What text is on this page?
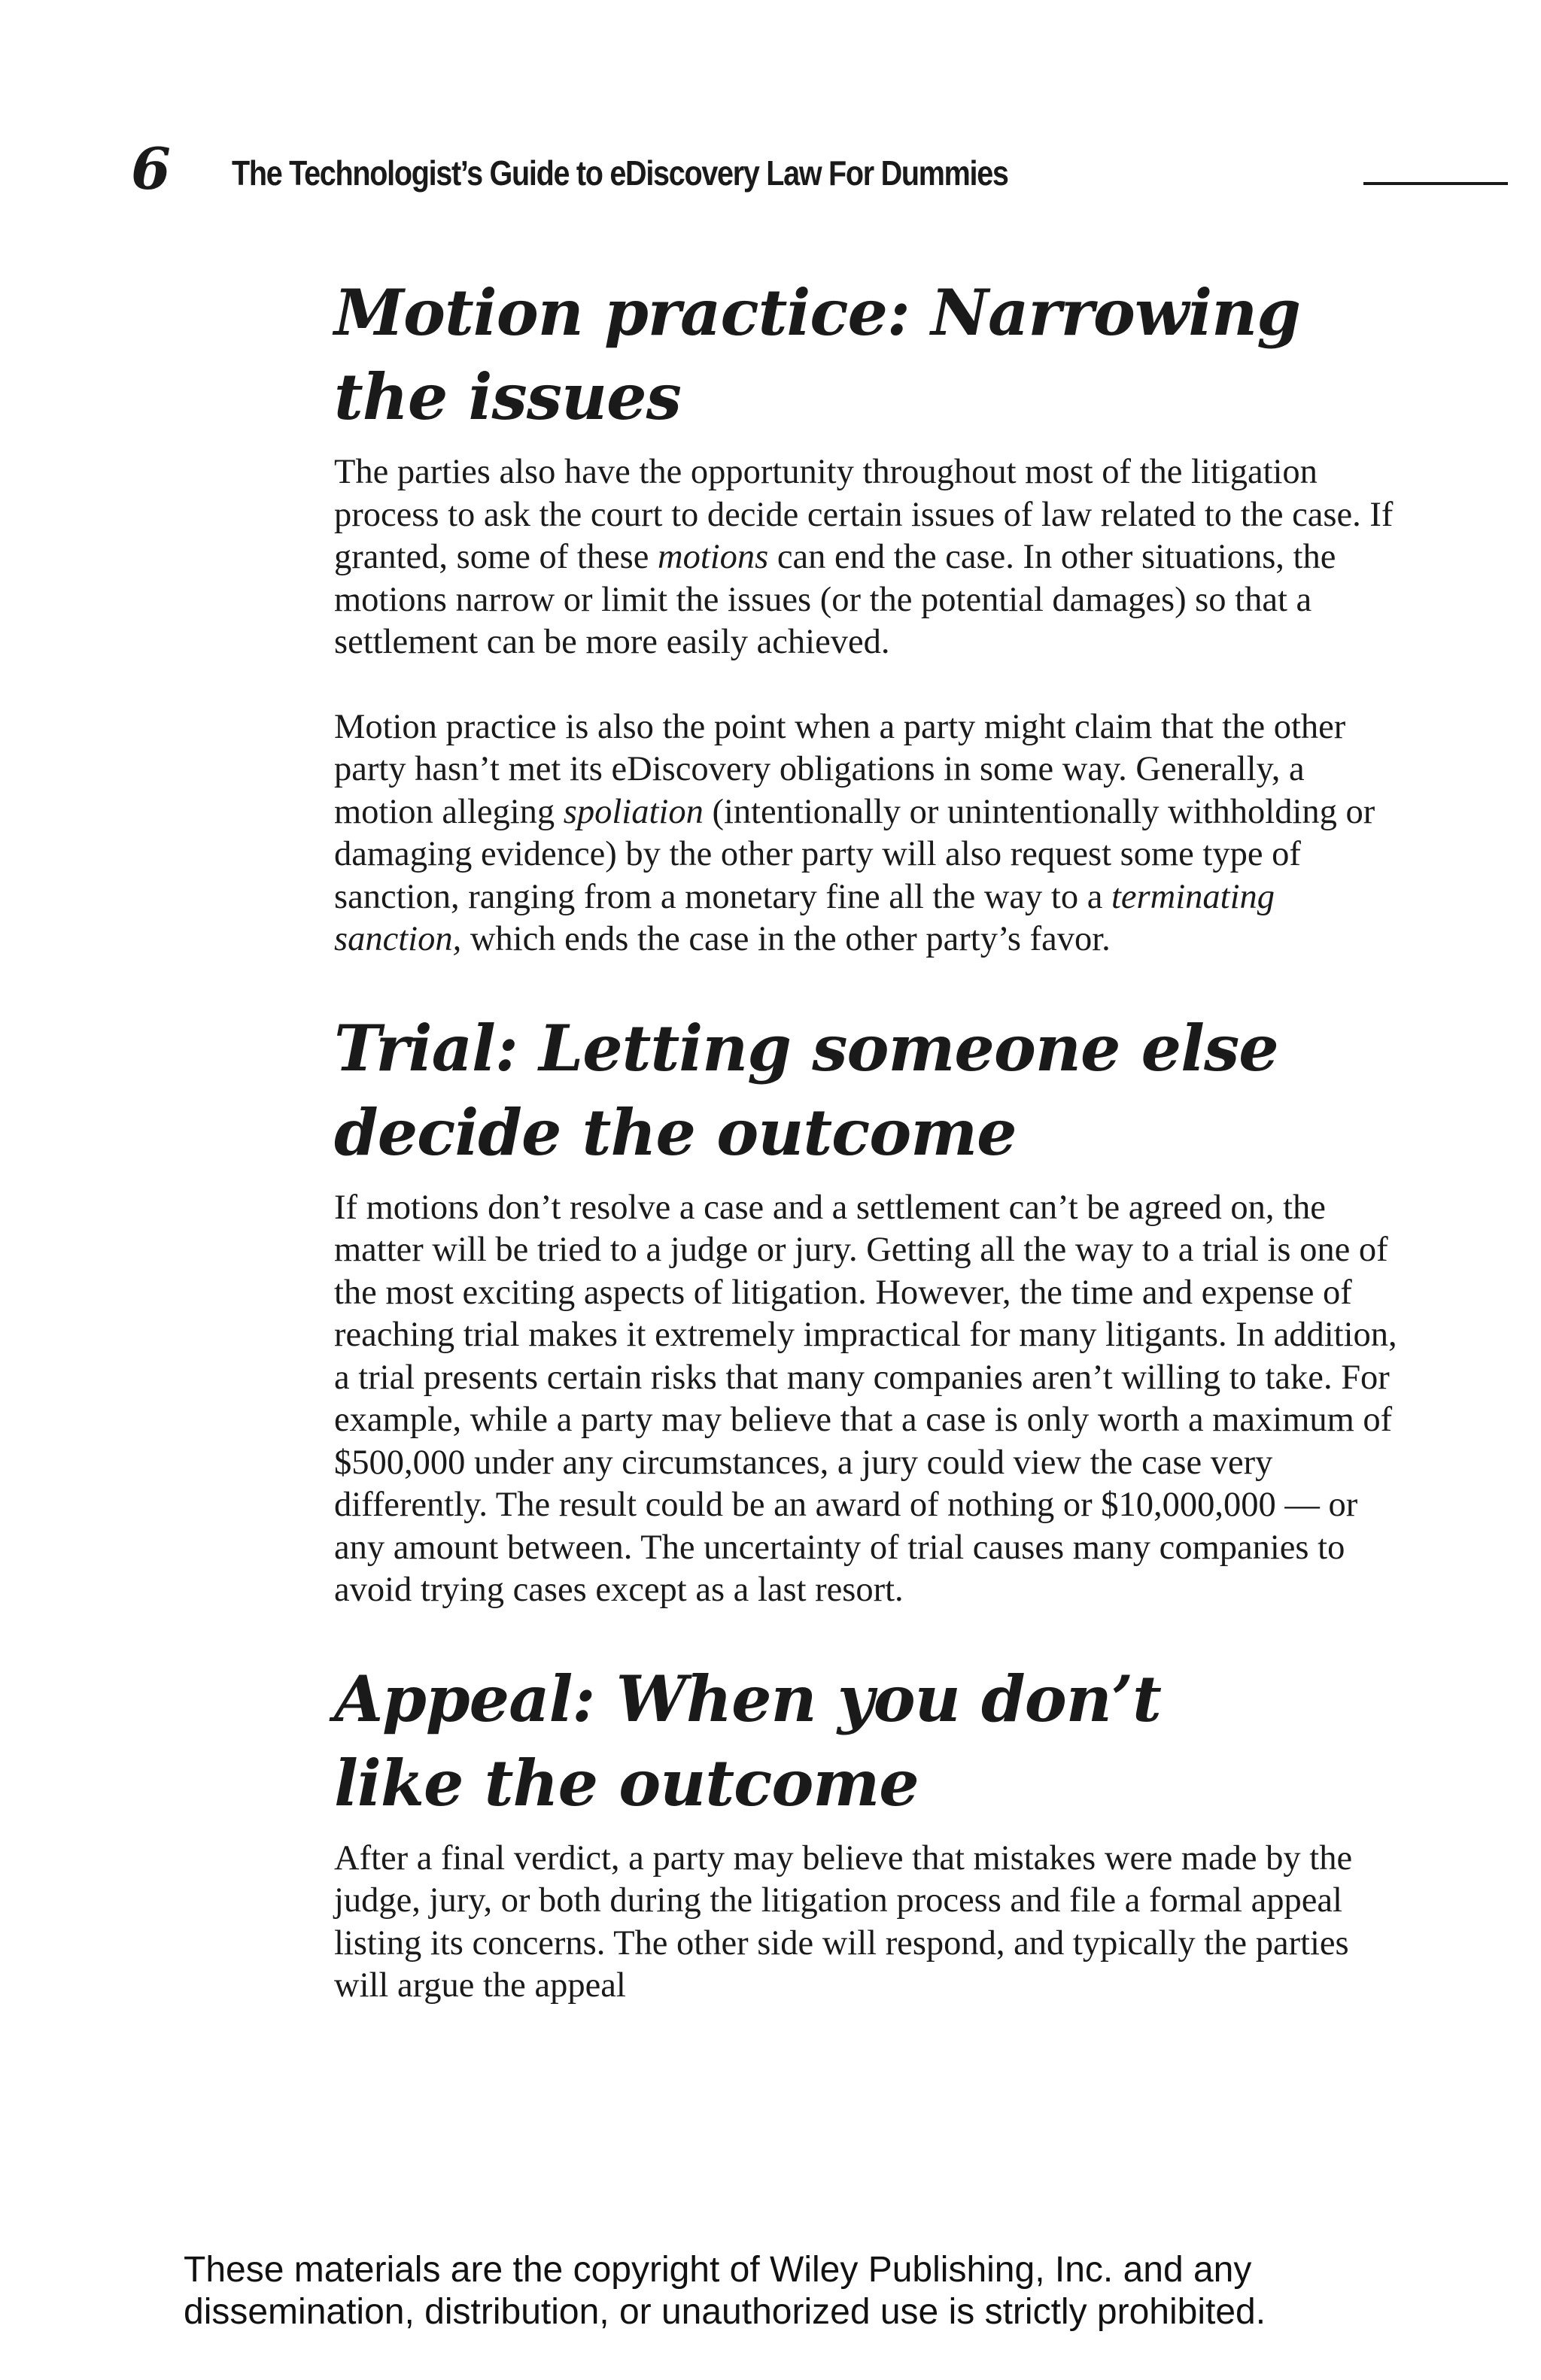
6 The Technologist’s Guide to eDiscovery Law For Dummies
Motion practice: Narrowing
the issues

The parties also have the opportunity throughout most of the litigation process to ask the court to decide certain issues of law related to the case. If granted, some of these motions can end the case. In other situations, the motions narrow or limit the issues (or the potential damages) so that a settlement can be more easily achieved.

Motion practice is also the point when a party might claim that the other party hasn’t met its eDiscovery obligations in some way. Generally, a motion alleging spoliation (intentionally or unintentionally withholding or damaging evidence) by the other party will also request some type of sanction, ranging from a monetary fine all the way to a terminating sanction, which ends the case in the other party’s favor.

Trial: Letting someone else
decide the outcome

If motions don’t resolve a case and a settlement can’t be agreed on, the matter will be tried to a judge or jury. Getting all the way to a trial is one of the most exciting aspects of litigation. However, the time and expense of reaching trial makes it extremely impractical for many litigants. In addition, a trial presents certain risks that many companies aren’t willing to take. For example, while a party may believe that a case is only worth a maximum of $500,000 under any circumstances, a jury could view the case very differently. The result could be an award of nothing or $10,000,000 — or any amount between. The uncertainty of trial causes many companies to avoid trying cases except as a last resort.

Appeal: When you don’t
like the outcome

After a final verdict, a party may believe that mistakes were made by the judge, jury, or both during the litigation process and file a formal appeal listing its concerns. The other side will respond, and typically the parties will argue the appeal

These materials are the copyright of Wiley Publishing, Inc. and any
dissemination, distribution, or unauthorized use is strictly prohibited.
